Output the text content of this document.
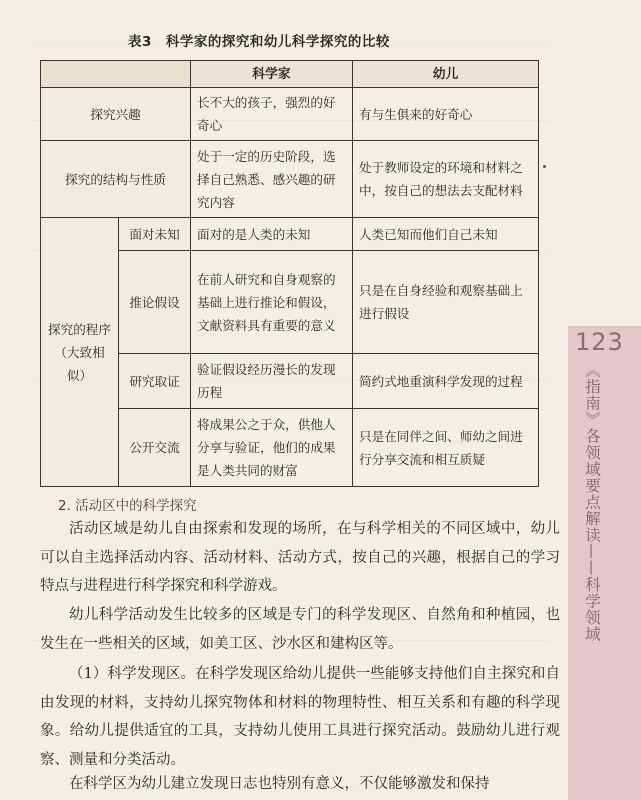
表3　科学家的探究和幼儿科学探究的比较
		科学家	幼儿
探究兴趣		长不大的孩子，强烈的好奇心	有与生俱来的好奇心
探究的结构与性质		处于一定的历史阶段，选择自己熟悉、感兴趣的研究内容	处于教师设定的环境和材料之中，按自己的想法去支配材料
探究的程序（大致相似）	面对未知	面对的是人类的未知	人类已知而他们自己未知
	推论假设	在前人研究和自身观察的基础上进行推论和假设，文献资料具有重要的意义	只是在自身经验和观察基础上进行假设
	研究取证	验证假设经历漫长的发现历程	简约式地重演科学发现的过程
	公开交流	将成果公之于众，供他人分享与验证，他们的成果是人类共同的财富	只是在同伴之间、师幼之间进行分享交流和相互质疑
123
《指南》各领域要点解读——科学领域
2. 活动区中的科学探究

活动区域是幼儿自由探索和发现的场所，在与科学相关的不同区域中，幼儿可以自主选择活动内容、活动材料、活动方式，按自己的兴趣，根据自己的学习特点与进程进行科学探究和科学游戏。

幼儿科学活动发生比较多的区域是专门的科学发现区、自然角和种植园，也发生在一些相关的区域，如美工区、沙水区和建构区等。

（1）科学发现区。在科学发现区给幼儿提供一些能够支持他们自主探究和自由发现的材料，支持幼儿探究物体和材料的物理特性、相互关系和有趣的科学现象。给幼儿提供适宜的工具，支持幼儿使用工具进行探究活动。鼓励幼儿进行观察、测量和分类活动。

在科学区为幼儿建立发现日志也特别有意义，不仅能够激发和保持
